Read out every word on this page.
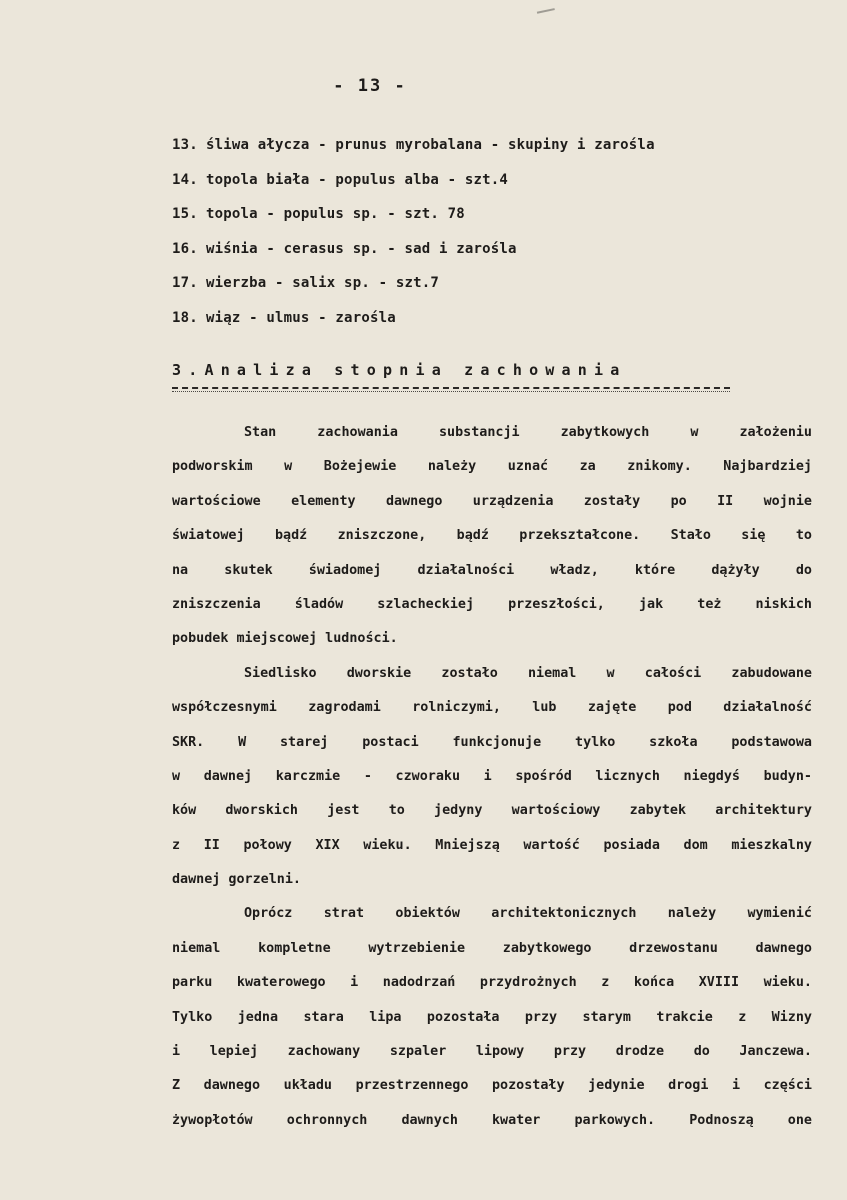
- 13 -
13. śliwa ałycza - prunus myrobalana - skupiny i zarośla
14. topola biała - populus alba - szt.4
15. topola - populus sp. - szt. 78
16. wiśnia - cerasus sp. - sad i zarośla
17. wierzba - salix sp. - szt.7
18. wiąz - ulmus - zarośla
3.Analiza stopnia zachowania
Stan zachowania substancji zabytkowych w założeniu
podworskim w Bożejewie należy uznać za znikomy. Najbardziej
wartościowe elementy dawnego urządzenia zostały po II wojnie
światowej bądź zniszczone, bądź przekształcone. Stało się to
na skutek świadomej działalności władz, które dążyły do
zniszczenia śladów szlacheckiej przeszłości, jak też niskich
pobudek miejscowej ludności.
Siedlisko dworskie zostało niemal w całości zabudowane
współczesnymi zagrodami rolniczymi, lub zajęte pod działalność
SKR. W starej postaci funkcjonuje tylko szkoła podstawowa
w dawnej karczmie - czworaku i spośród licznych niegdyś budyn-
ków dworskich jest to jedyny wartościowy zabytek architektury
z II połowy XIX wieku. Mniejszą wartość posiada dom mieszkalny
dawnej gorzelni.
Oprócz strat obiektów architektonicznych należy wymienić
niemal kompletne wytrzebienie zabytkowego drzewostanu dawnego
parku kwaterowego i nadodrzań przydrożnych z końca XVIII wieku.
Tylko jedna stara lipa pozostała przy starym trakcie z Wizny
i lepiej zachowany szpaler lipowy przy drodze do Janczewa.
Z dawnego układu przestrzennego pozostały jedynie drogi i części
żywopłotów ochronnych dawnych kwater parkowych. Podnoszą one
